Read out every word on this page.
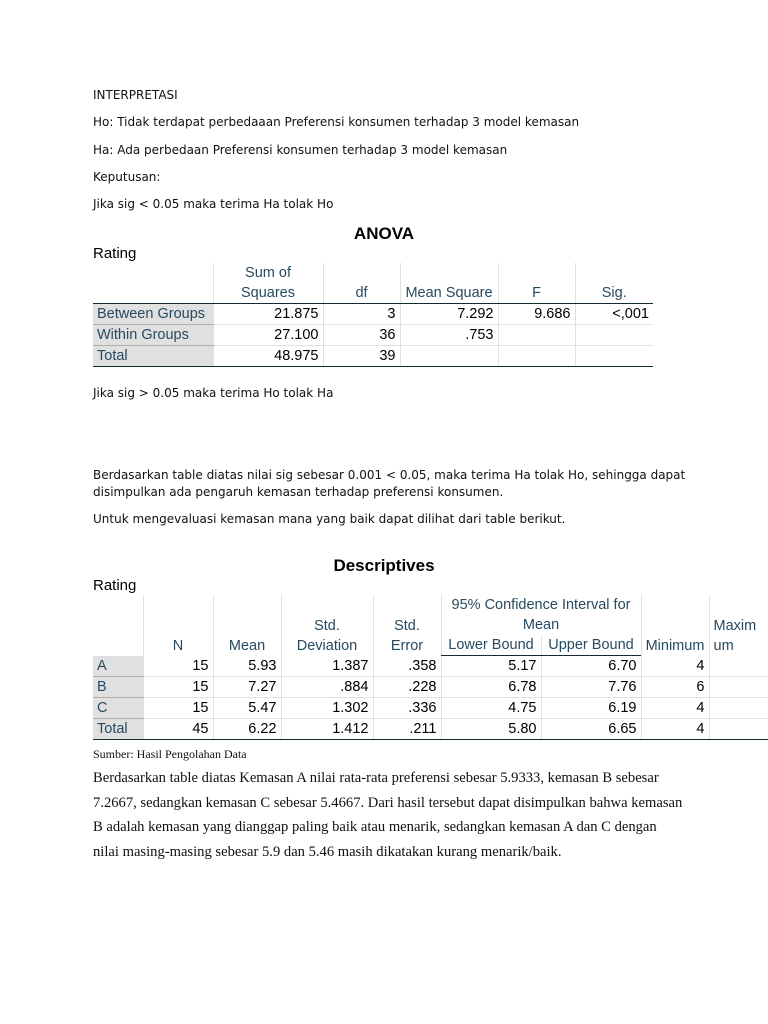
INTERPRETASI
Ho: Tidak terdapat perbedaaan Preferensi konsumen terhadap 3 model kemasan
Ha: Ada perbedaan Preferensi konsumen terhadap 3 model kemasan
Keputusan:
Jika sig < 0.05 maka terima Ha tolak Ho
ANOVA
Rating
	Sum of Squares	df	Mean Square	F	Sig.

Between Groups	21.875	3	7.292	9.686	<,001
Within Groups	27.100	36	.753		
Total	48.975	39			
Jika sig > 0.05 maka terima Ho tolak Ha
Berdasarkan table diatas nilai sig sebesar 0.001 < 0.05, maka terima Ha tolak Ho, sehingga dapat
disimpulkan ada pengaruh kemasan terhadap preferensi konsumen.
Untuk mengevaluasi kemasan mana yang baik dapat dilihat dari table berikut.
Descriptives
Rating
	N	Mean	Std. Deviation	Std. Error	95% Confidence Interval for Mean		Minimum	Maximum
					Lower Bound	Upper Bound		
A	15	5.93	1.387	.358	5.17	6.70	4	
B	15	7.27	.884	.228	6.78	7.76	6	
C	15	5.47	1.302	.336	4.75	6.19	4	
Total	45	6.22	1.412	.211	5.80	6.65	4	
Sumber: Hasil Pengolahan Data
Berdasarkan table diatas Kemasan A nilai rata-rata preferensi sebesar 5.9333, kemasan B sebesar 7.2667, sedangkan kemasan C sebesar 5.4667. Dari hasil tersebut dapat disimpulkan bahwa kemasan B adalah kemasan yang dianggap paling baik atau menarik, sedangkan kemasan A dan C dengan nilai masing-masing sebesar 5.9 dan 5.46 masih dikatakan kurang menarik/baik.
